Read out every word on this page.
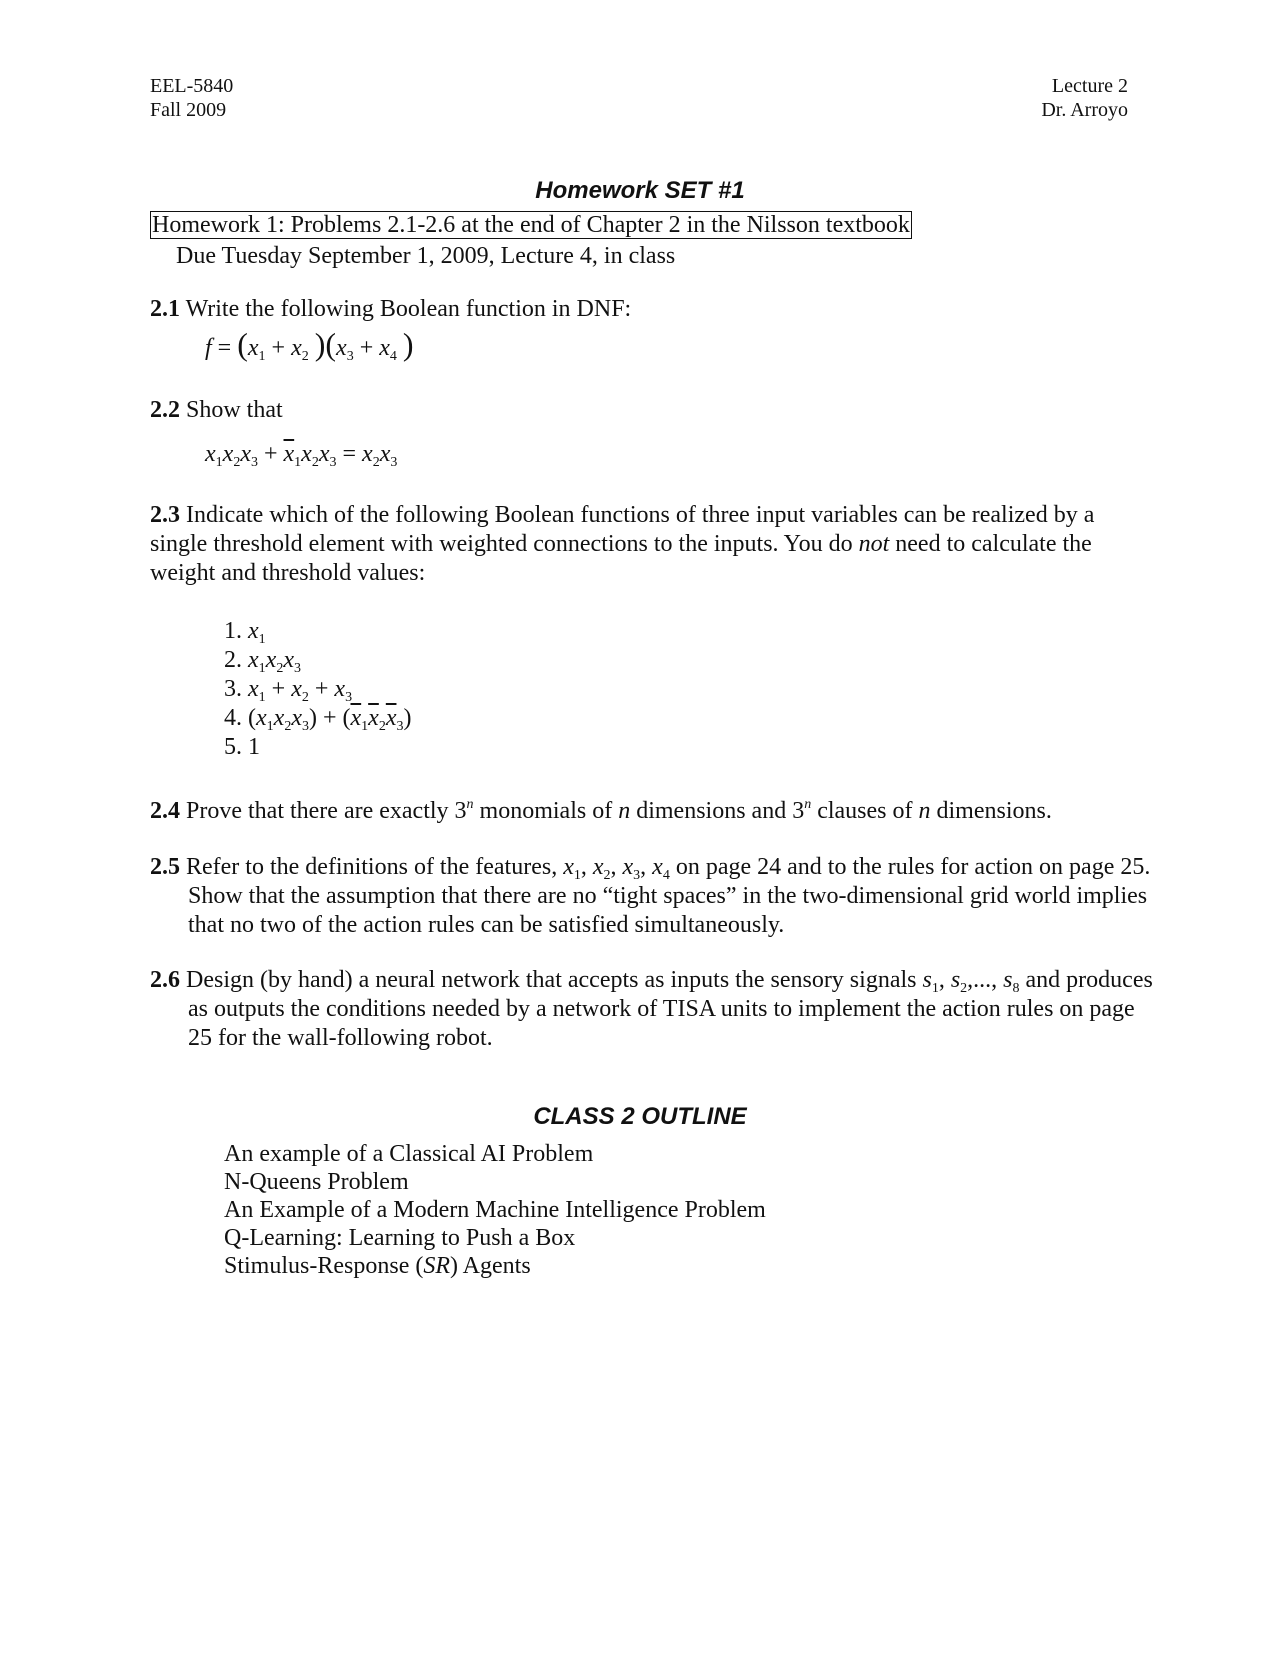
EEL-5840
Fall 2009
Lecture 2
Dr. Arroyo
Homework SET #1
Homework 1: Problems 2.1-2.6 at the end of Chapter 2 in the Nilsson textbook
Due Tuesday September 1, 2009, Lecture 4, in class
2.1 Write the following Boolean function in DNF:
$f = (x_1 + x_2$ )($x_3 + x_4$ )
2.2 Show that
$x_1x_2x_3 + \overline{x}_1x_2x_3 = x_2x_3$
2.3 Indicate which of the following Boolean functions of three input variables can be realized by a single threshold element with weighted connections to the inputs. You do not need to calculate the weight and threshold values:
1. $x_1$
2. $x_1x_2x_3$
3. $x_1 + x_2 + x_3$
4. $(x_1x_2x_3) + (\overline{x}_1\overline{x}_2\overline{x}_3)$
5. 1
2.4 Prove that there are exactly 3$^n$ monomials of n dimensions and 3$^n$ clauses of n dimensions.
2.5 Refer to the definitions of the features, $x_1$, $x_2$, $x_3$, $x_4$ on page 24 and to the rules for action on page 25. Show that the assumption that there are no “tight spaces” in the two-dimensional grid world implies that no two of the action rules can be satisfied simultaneously.
2.6 Design (by hand) a neural network that accepts as inputs the sensory signals $s_1$, $s_2$,..., $s_8$ and produces as outputs the conditions needed by a network of TISA units to implement the action rules on page 25 for the wall-following robot.
CLASS 2 OUTLINE
An example of a Classical AI Problem
N-Queens Problem
An Example of a Modern Machine Intelligence Problem
Q-Learning: Learning to Push a Box
Stimulus-Response (SR) Agents
